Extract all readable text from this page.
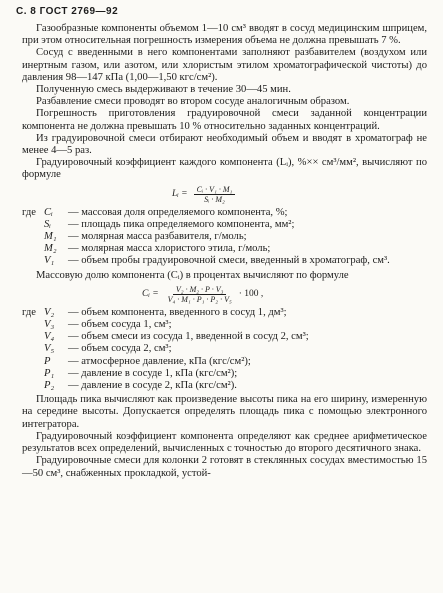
С. 8 ГОСТ 2769—92

Газообразные компоненты объемом 1—10 см³ вводят в сосуд медицинским шприцем, при этом относительная погрешность измерения объема не должна превышать 7 %.

Сосуд с введенными в него компонентами заполняют разбавителем (воздухом или инертным газом, или азотом, или хлористым этилом хроматографической чистоты) до давления 98—147 кПа (1,00—1,50 кгс/см²).

Полученную смесь выдерживают в течение 30—45 мин.

Разбавление смеси проводят во втором сосуде аналогичным образом.

Погрешность приготовления градуировочной смеси заданной концентрации компонента не должна превышать 10 % относительно заданных концентраций.

Из градуировочной смеси отбирают необходимый объем и вводят в хроматограф не менее 4—5 раз.

Градуировочный коэффициент каждого компонента (Lᵢ), %×× см³/мм², вычисляют по формуле

Lᵢ = $\frac{\text{Cᵢ · V₁ · M₁}}{\text{Sᵢ · M₂}}$
где Cᵢ	— массовая доля определяемого компонента, %;
Sᵢ	— площадь пика определяемого компонента, мм²;
M₁	— молярная масса разбавителя, г/моль;
M₂	— молярная масса хлористого этила, г/моль;
V₁	— объем пробы градуировочной смеси, введенный в хроматограф, см³.

Массовую долю компонента (Cᵢ) в процентах вычисляют по формуле

Cᵢ = $\frac{\text{V₂ · M₂ · P · V₃}}{\text{V₄ · M₁ · P₁ · P₂ · V₅}} \cdot 100$ ,
где V₂	— объем компонента, введенного в сосуд 1, дм³;
V₃	— объем сосуда 1, см³;
V₄	— объем смеси из сосуда 1, введенной в сосуд 2, см³;
V₅	— объем сосуда 2, см³;
P	— атмосферное давление, кПа (кгс/см²);
P₁	— давление в сосуде 1, кПа (кгс/см²);
P₂	— давление в сосуде 2, кПа (кгс/см²).

Площадь пика вычисляют как произведение высоты пика на его ширину, измеренную на середине высоты. Допускается определять площадь пика с помощью электронного интегратора.

Градуировочный коэффициент компонента определяют как среднее арифметическое результатов всех определений, вычисленных с точностью до второго десятичного знака.

Градуировочные смеси для колонки 2 готовят в стеклянных сосудах вместимостью 15—50 см³, снабженных прокладкой, устой-
